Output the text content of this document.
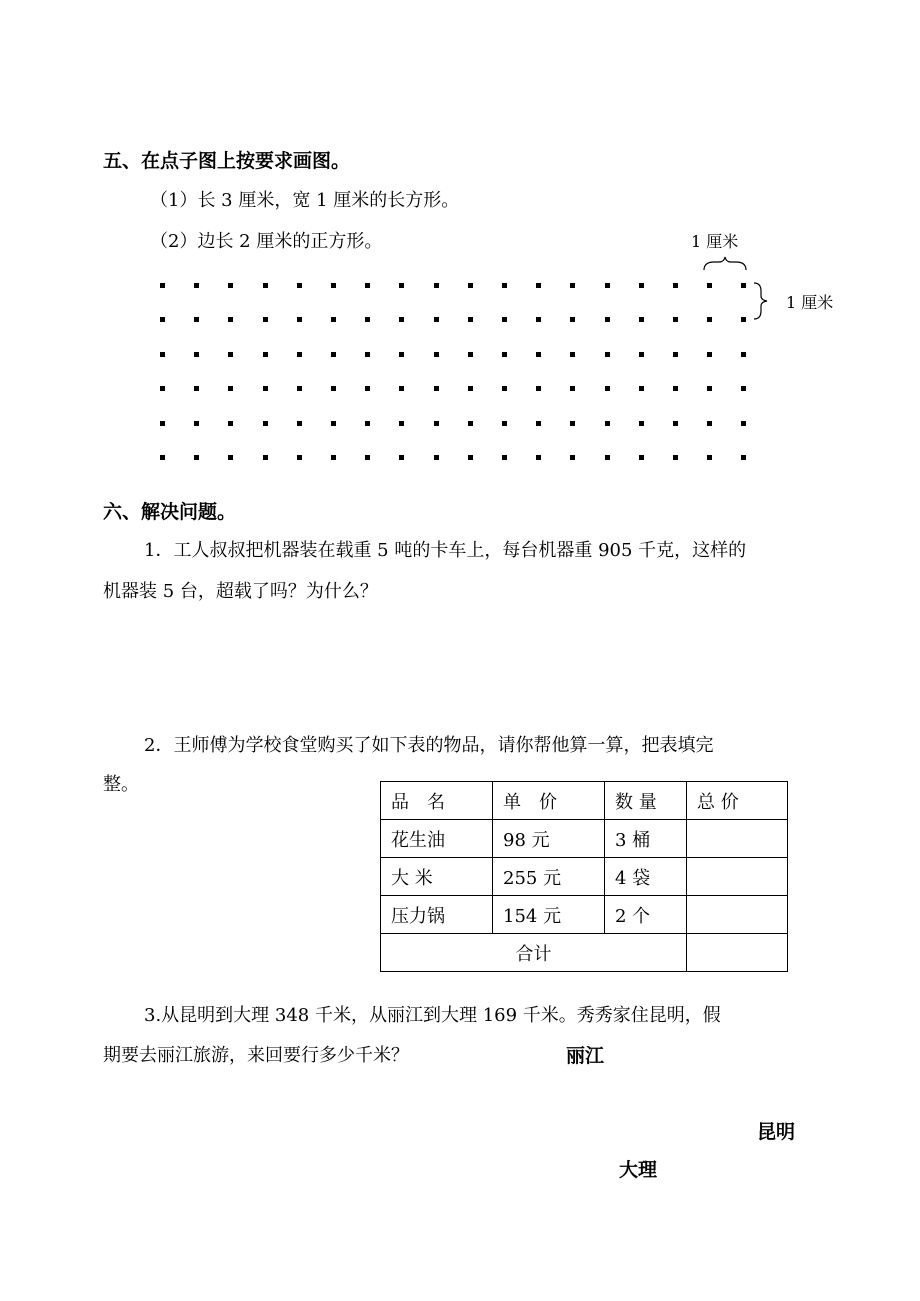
五、在点子图上按要求画图。
（1）长 3 厘米，宽 1 厘米的长方形。
（2）边长 2 厘米的正方形。	1 厘米
1 厘米
六、解决问题。
1．工人叔叔把机器装在载重 5 吨的卡车上，每台机器重 905 千克，这样的
机器装 5 台，超载了吗？为什么？
2．王师傅为学校食堂购买了如下表的物品，请你帮他算一算，把表填完
整。
品　名	单　价	数 量	总 价
花生油	98 元	3 桶	
大 米	255 元	4 袋	
压力锅	154 元	2 个	
合计			
3.从昆明到大理 348 千米，从丽江到大理 169 千米。秀秀家住昆明，假
期要去丽江旅游，来回要行多少千米？	丽江
昆明
大理
